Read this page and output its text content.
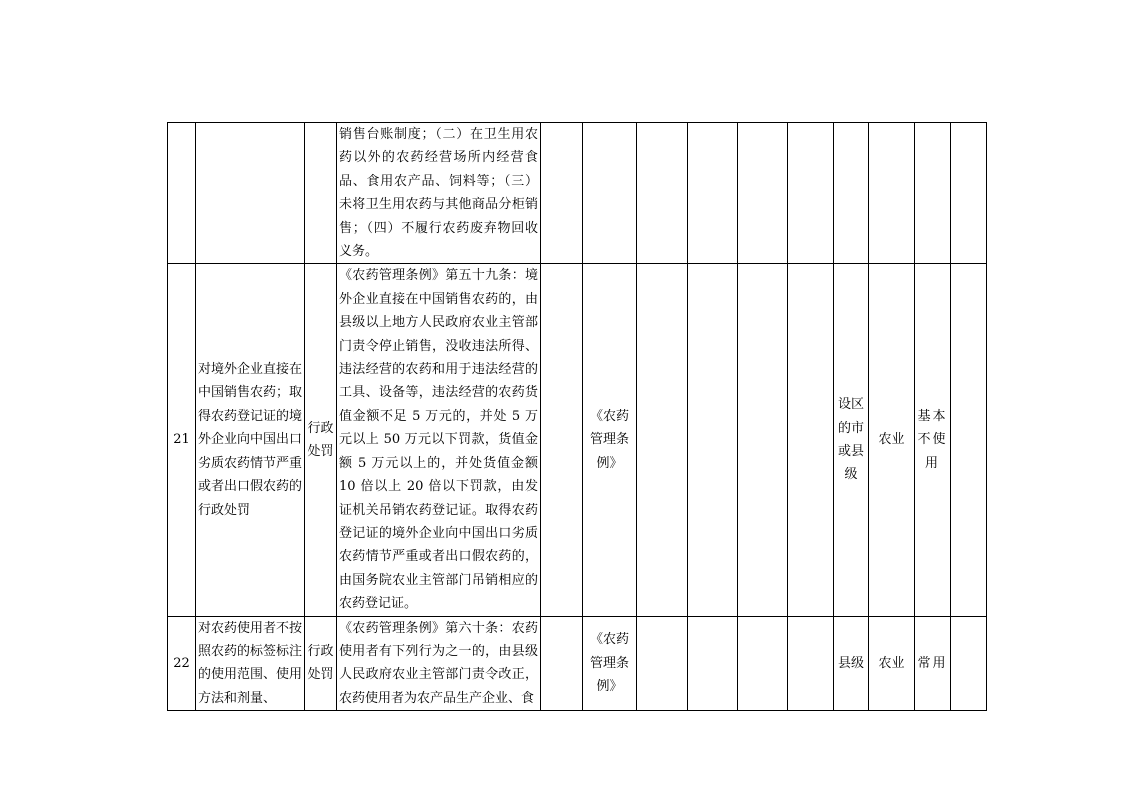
			销售台账制度；（二）在卫生用农药以外的农药经营场所内经营食品、食用农产品、饲料等；（三）未将卫生用农药与其他商品分柜销售；（四）不履行农药废弃物回收义务。										
21	对境外企业直接在中国销售农药；取得农药登记证的境外企业向中国出口劣质农药情节严重或者出口假农药的行政处罚	行政处罚	《农药管理条例》第五十九条：境外企业直接在中国销售农药的，由县级以上地方人民政府农业主管部门责令停止销售，没收违法所得、违法经营的农药和用于违法经营的工具、设备等，违法经营的农药货值金额不足 5 万元的，并处 5 万元以上 50 万元以下罚款，货值金额 5 万元以上的，并处货值金额 10 倍以上 20 倍以下罚款，由发证机关吊销农药登记证。取得农药登记证的境外企业向中国出口劣质农药情节严重或者出口假农药的，由国务院农业主管部门吊销相应的农药登记证。		《农药管理条例》					设区的市或县级	农业	基本不使用	
22	对农药使用者不按照农药的标签标注的使用范围、使用方法和剂量、	行政处罚	《农药管理条例》第六十条：农药使用者有下列行为之一的，由县级人民政府农业主管部门责令改正，农药使用者为农产品生产企业、食		《农药管理条例》					县级	农业	常用	
